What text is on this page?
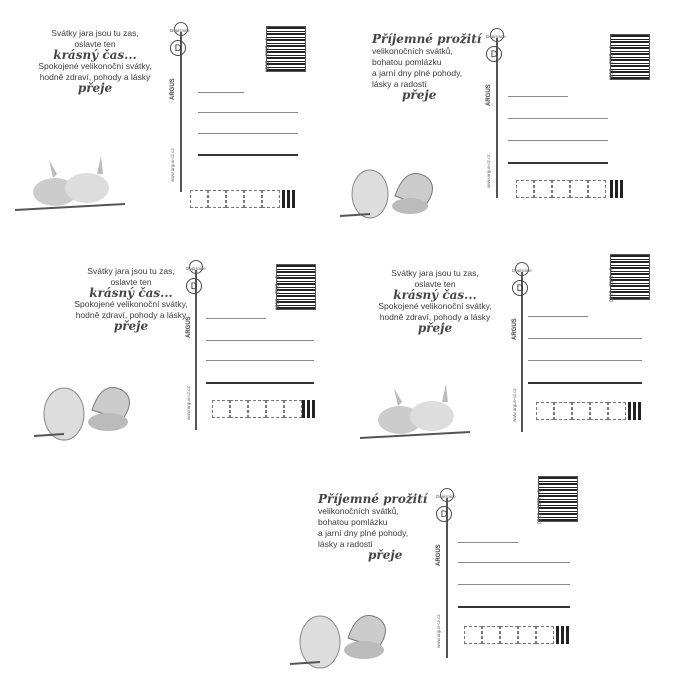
Svátky jara jsou tu zas,
oslavte ten
krásný čas...
Spokojené velikonoční svátky,
hodně zdraví, pohody a lásky
přeje	ARGUS
www.argus-cz.cz
Dopisnice
D	0812 - 0509 - 4	Příjemné prožití
velikonočních svátků,
bohatou pomlázku
a jarní dny plné pohody,
lásky a radosti
přeje	ARGUS
www.argus-cz.cz
Dopisnice
D	0812 - 0509 - 4
Svátky jara jsou tu zas,
oslavte ten
krásný čas...
Spokojené velikonoční svátky,
hodně zdraví, pohody a lásky
přeje	ARGUS
www.argus-cz.cz
Dopisnice
D	0812 - 0509 - 4
Svátky jara jsou tu zas,
oslavte ten
krásný čas...
Spokojené velikonoční svátky,
hodně zdraví, pohody a lásky
přeje	ARGUS
www.argus-cz.cz
Dopisnice
D	0812 - 0509 - 4
Příjemné prožití
velikonočních svátků,
bohatou pomlázku
a jarní dny plné pohody,
lásky a radosti
přeje	ARGUS
www.argus-cz.cz
Dopisnice
D	0812 - 0509 - 4
